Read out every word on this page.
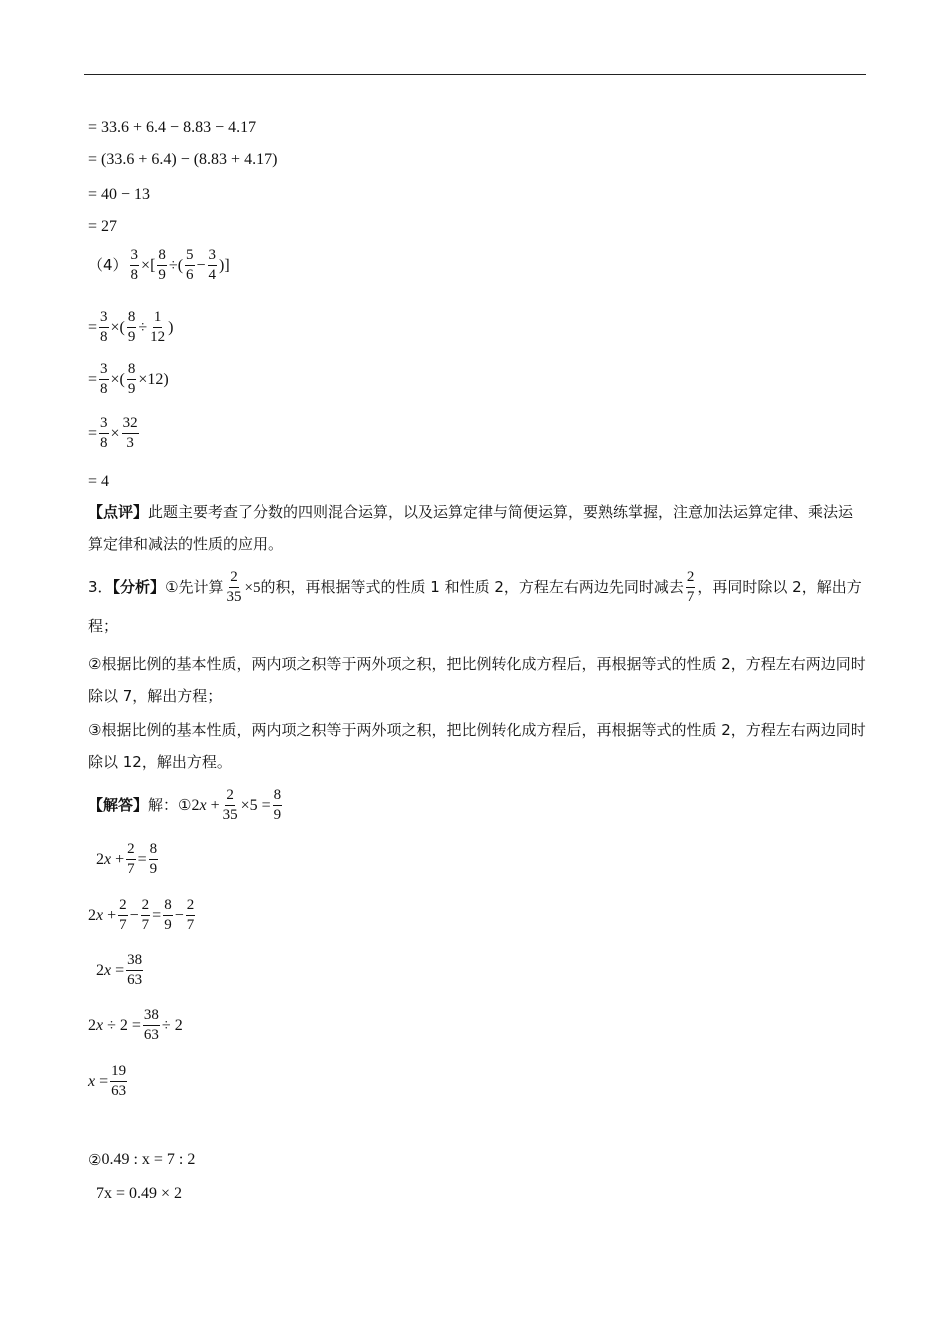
= 33.6 + 6.4 − 8.83 − 4.17
= (33.6 + 6.4) − (8.83 + 4.17)
= 40 − 13
= 27
$(4) \frac{3}{8}$ ×[ $\frac{8}{9}$ ÷( $\frac{5}{6} - \frac{3}{4}$ )]
= $\frac{3}{8}$ ×( $\frac{8}{9} \div \frac{1}{12}$ )
= $\frac{3}{8}$ ×( $\frac{8}{9} \times 12$ )
= $\frac{3}{8} \times \frac{32}{3}$
= 4
【点评】此题主要考查了分数的四则混合运算，以及运算定律与简便运算，要熟练掌握，注意加法运算定律、乘法运算定律和减法的性质的应用。
3．【分析】①先计算 $\frac{2}{35} \times 5$的积，再根据等式的性质 1 和性质 2，方程左右两边先同时减去 $\frac{2}{7}$ ，再同时除以 2，解出方程；
②根据比例的基本性质，两内项之积等于两外项之积，把比例转化成方程后，再根据等式的性质 2，方程左右两边同时除以 7，解出方程；
③根据比例的基本性质，两内项之积等于两外项之积，把比例转化成方程后，再根据等式的性质 2，方程左右两边同时除以 12，解出方程。
【解答】 解：① $2x + \frac{2}{35} \times 5 = \frac{8}{9}$
$2x + \frac{2}{7} = \frac{8}{9}$
$2x + \frac{2}{7} - \frac{2}{7} = \frac{8}{9} - \frac{2}{7}$
$2x = \frac{38}{63}$
$2x \div 2 = \frac{38}{63} \div 2$
$x = \frac{19}{63}$
② 0.49 : x = 7 : 2
7x = 0.49 × 2
